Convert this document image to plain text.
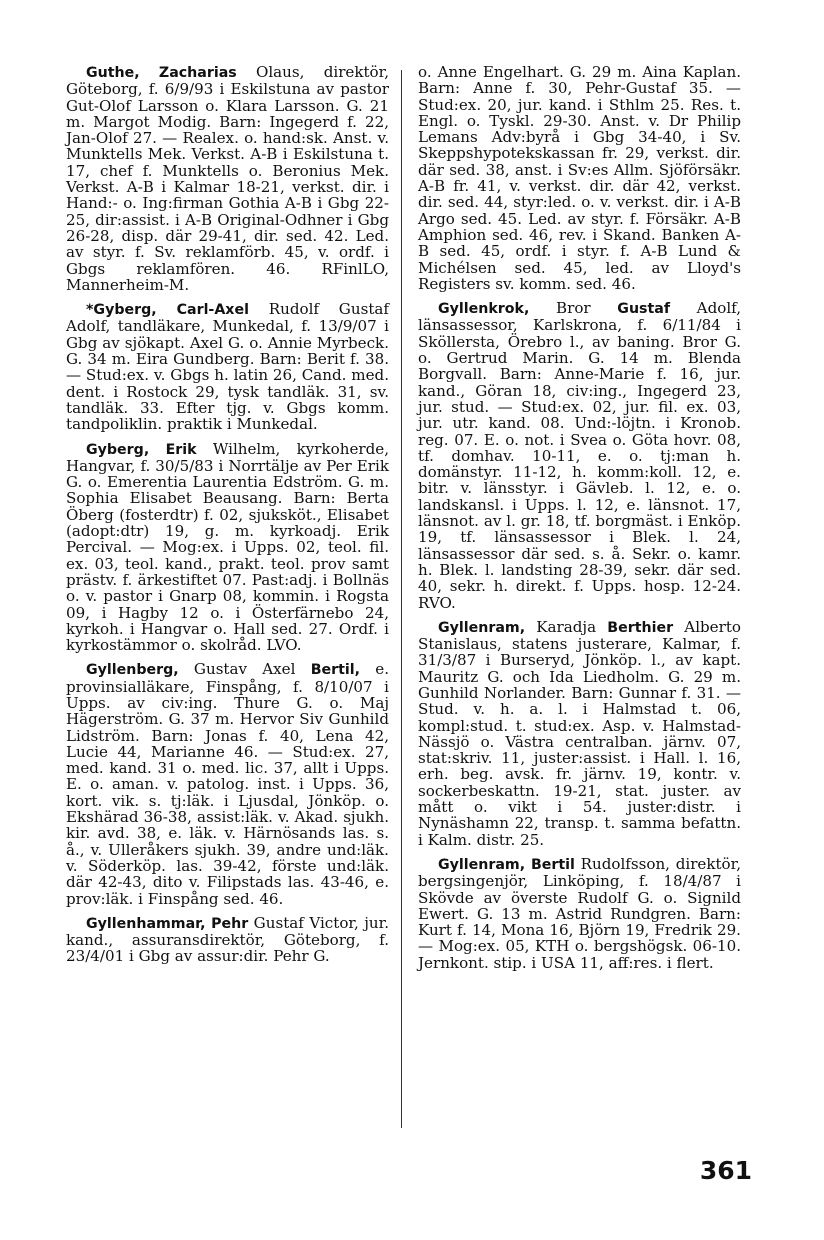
Guthe, Zacharias Olaus, direktör, Göteborg, f. 6/9/93 i Eskilstuna av pastor Gut-Olof Larsson o. Klara Larsson. G. 21 m. Margot Modig. Barn: Ingegerd f. 22, Jan-Olof 27. — Realex. o. hand:sk. Anst. v. Munktells Mek. Verkst. A-B i Eskilstuna t. 17, chef f. Munktells o. Beronius Mek. Verkst. A-B i Kalmar 18-21, verkst. dir. i Hand:- o. Ing:firman Gothia A-B i Gbg 22-25, dir:assist. i A-B Original-Odhner i Gbg 26-28, disp. där 29-41, dir. sed. 42. Led. av styr. f. Sv. reklamförb. 45, v. ordf. i Gbgs reklamfören. 46. RFinlLO, Mannerheim-M.

*Gyberg, Carl-Axel Rudolf Gustaf Adolf, tandläkare, Munkedal, f. 13/9/07 i Gbg av sjökapt. Axel G. o. Annie Myrbeck. G. 34 m. Eira Gundberg. Barn: Berit f. 38. — Stud:ex. v. Gbgs h. latin 26, Cand. med. dent. i Rostock 29, tysk tandläk. 31, sv. tandläk. 33. Efter tjg. v. Gbgs komm. tandpoliklin. praktik i Munkedal.

Gyberg, Erik Wilhelm, kyrkoherde, Hangvar, f. 30/5/83 i Norrtälje av Per Erik G. o. Emerentia Laurentia Edström. G. m. Sophia Elisabet Beausang. Barn: Berta Öberg (fosterdtr) f. 02, sjuksköt., Elisabet (adopt:dtr) 19, g. m. kyrkoadj. Erik Percival. — Mog:ex. i Upps. 02, teol. fil. ex. 03, teol. kand., prakt. teol. prov samt prästv. f. ärkestiftet 07. Past:adj. i Bollnäs o. v. pastor i Gnarp 08, kommin. i Rogsta 09, i Hagby 12 o. i Österfärnebo 24, kyrkoh. i Hangvar o. Hall sed. 27. Ordf. i kyrkostämmor o. skolråd. LVO.

Gyllenberg, Gustav Axel Bertil, e. provinsialläkare, Finspång, f. 8/10/07 i Upps. av civ:ing. Thure G. o. Maj Hägerström. G. 37 m. Hervor Siv Gunhild Lidström. Barn: Jonas f. 40, Lena 42, Lucie 44, Marianne 46. — Stud:ex. 27, med. kand. 31 o. med. lic. 37, allt i Upps. E. o. aman. v. patolog. inst. i Upps. 36, kort. vik. s. tj:läk. i Ljusdal, Jönköp. o. Ekshärad 36-38, assist:läk. v. Akad. sjukh. kir. avd. 38, e. läk. v. Härnösands las. s. å., v. Ulleråkers sjukh. 39, andre und:läk. v. Söderköp. las. 39-42, förste und:läk. där 42-43, dito v. Filipstads las. 43-46, e. prov:läk. i Finspång sed. 46.

Gyllenhammar, Pehr Gustaf Victor, jur. kand., assuransdirektör, Göteborg, f. 23/4/01 i Gbg av assur:dir. Pehr G.

o. Anne Engelhart. G. 29 m. Aina Kaplan. Barn: Anne f. 30, Pehr-Gustaf 35. — Stud:ex. 20, jur. kand. i Sthlm 25. Res. t. Engl. o. Tyskl. 29-30. Anst. v. Dr Philip Lemans Adv:byrå i Gbg 34-40, i Sv. Skeppshypotekskassan fr. 29, verkst. dir. där sed. 38, anst. i Sv:es Allm. Sjöförsäkr. A-B fr. 41, v. verkst. dir. där 42, verkst. dir. sed. 44, styr:led. o. v. verkst. dir. i A-B Argo sed. 45. Led. av styr. f. Försäkr. A-B Amphion sed. 46, rev. i Skand. Banken A-B sed. 45, ordf. i styr. f. A-B Lund & Michélsen sed. 45, led. av Lloyd's Registers sv. komm. sed. 46.

Gyllenkrok, Bror Gustaf Adolf, länsassessor, Karlskrona, f. 6/11/84 i Sköllersta, Örebro l., av baning. Bror G. o. Gertrud Marin. G. 14 m. Blenda Borgvall. Barn: Anne-Marie f. 16, jur. kand., Göran 18, civ:ing., Ingegerd 23, jur. stud. — Stud:ex. 02, jur. fil. ex. 03, jur. utr. kand. 08. Und:-löjtn. i Kronob. reg. 07. E. o. not. i Svea o. Göta hovr. 08, tf. domhav. 10-11, e. o. tj:man h. domänstyr. 11-12, h. komm:koll. 12, e. bitr. v. länsstyr. i Gävleb. l. 12, e. o. landskansl. i Upps. l. 12, e. länsnot. 17, länsnot. av l. gr. 18, tf. borgmäst. i Enköp. 19, tf. länsassessor i Blek. l. 24, länsassessor där sed. s. å. Sekr. o. kamr. h. Blek. l. landsting 28-39, sekr. där sed. 40, sekr. h. direkt. f. Upps. hosp. 12-24. RVO.

Gyllenram, Karadja Berthier Alberto Stanislaus, statens justerare, Kalmar, f. 31/3/87 i Burseryd, Jönköp. l., av kapt. Mauritz G. och Ida Liedholm. G. 29 m. Gunhild Norlander. Barn: Gunnar f. 31. — Stud. v. h. a. l. i Halmstad t. 06, kompl:stud. t. stud:ex. Asp. v. Halmstad-Nässjö o. Västra centralban. järnv. 07, stat:skriv. 11, juster:assist. i Hall. l. 16, erh. beg. avsk. fr. järnv. 19, kontr. v. sockerbeskattn. 19-21, stat. juster. av mått o. vikt i 54. juster:distr. i Nynäshamn 22, transp. t. samma befattn. i Kalm. distr. 25.

Gyllenram, Bertil Rudolfsson, direktör, bergsingenjör, Linköping, f. 18/4/87 i Skövde av överste Rudolf G. o. Signild Ewert. G. 13 m. Astrid Rundgren. Barn: Kurt f. 14, Mona 16, Björn 19, Fredrik 29. — Mog:ex. 05, KTH o. bergshögsk. 06-10. Jernkont. stip. i USA 11, aff:res. i flert.

361
